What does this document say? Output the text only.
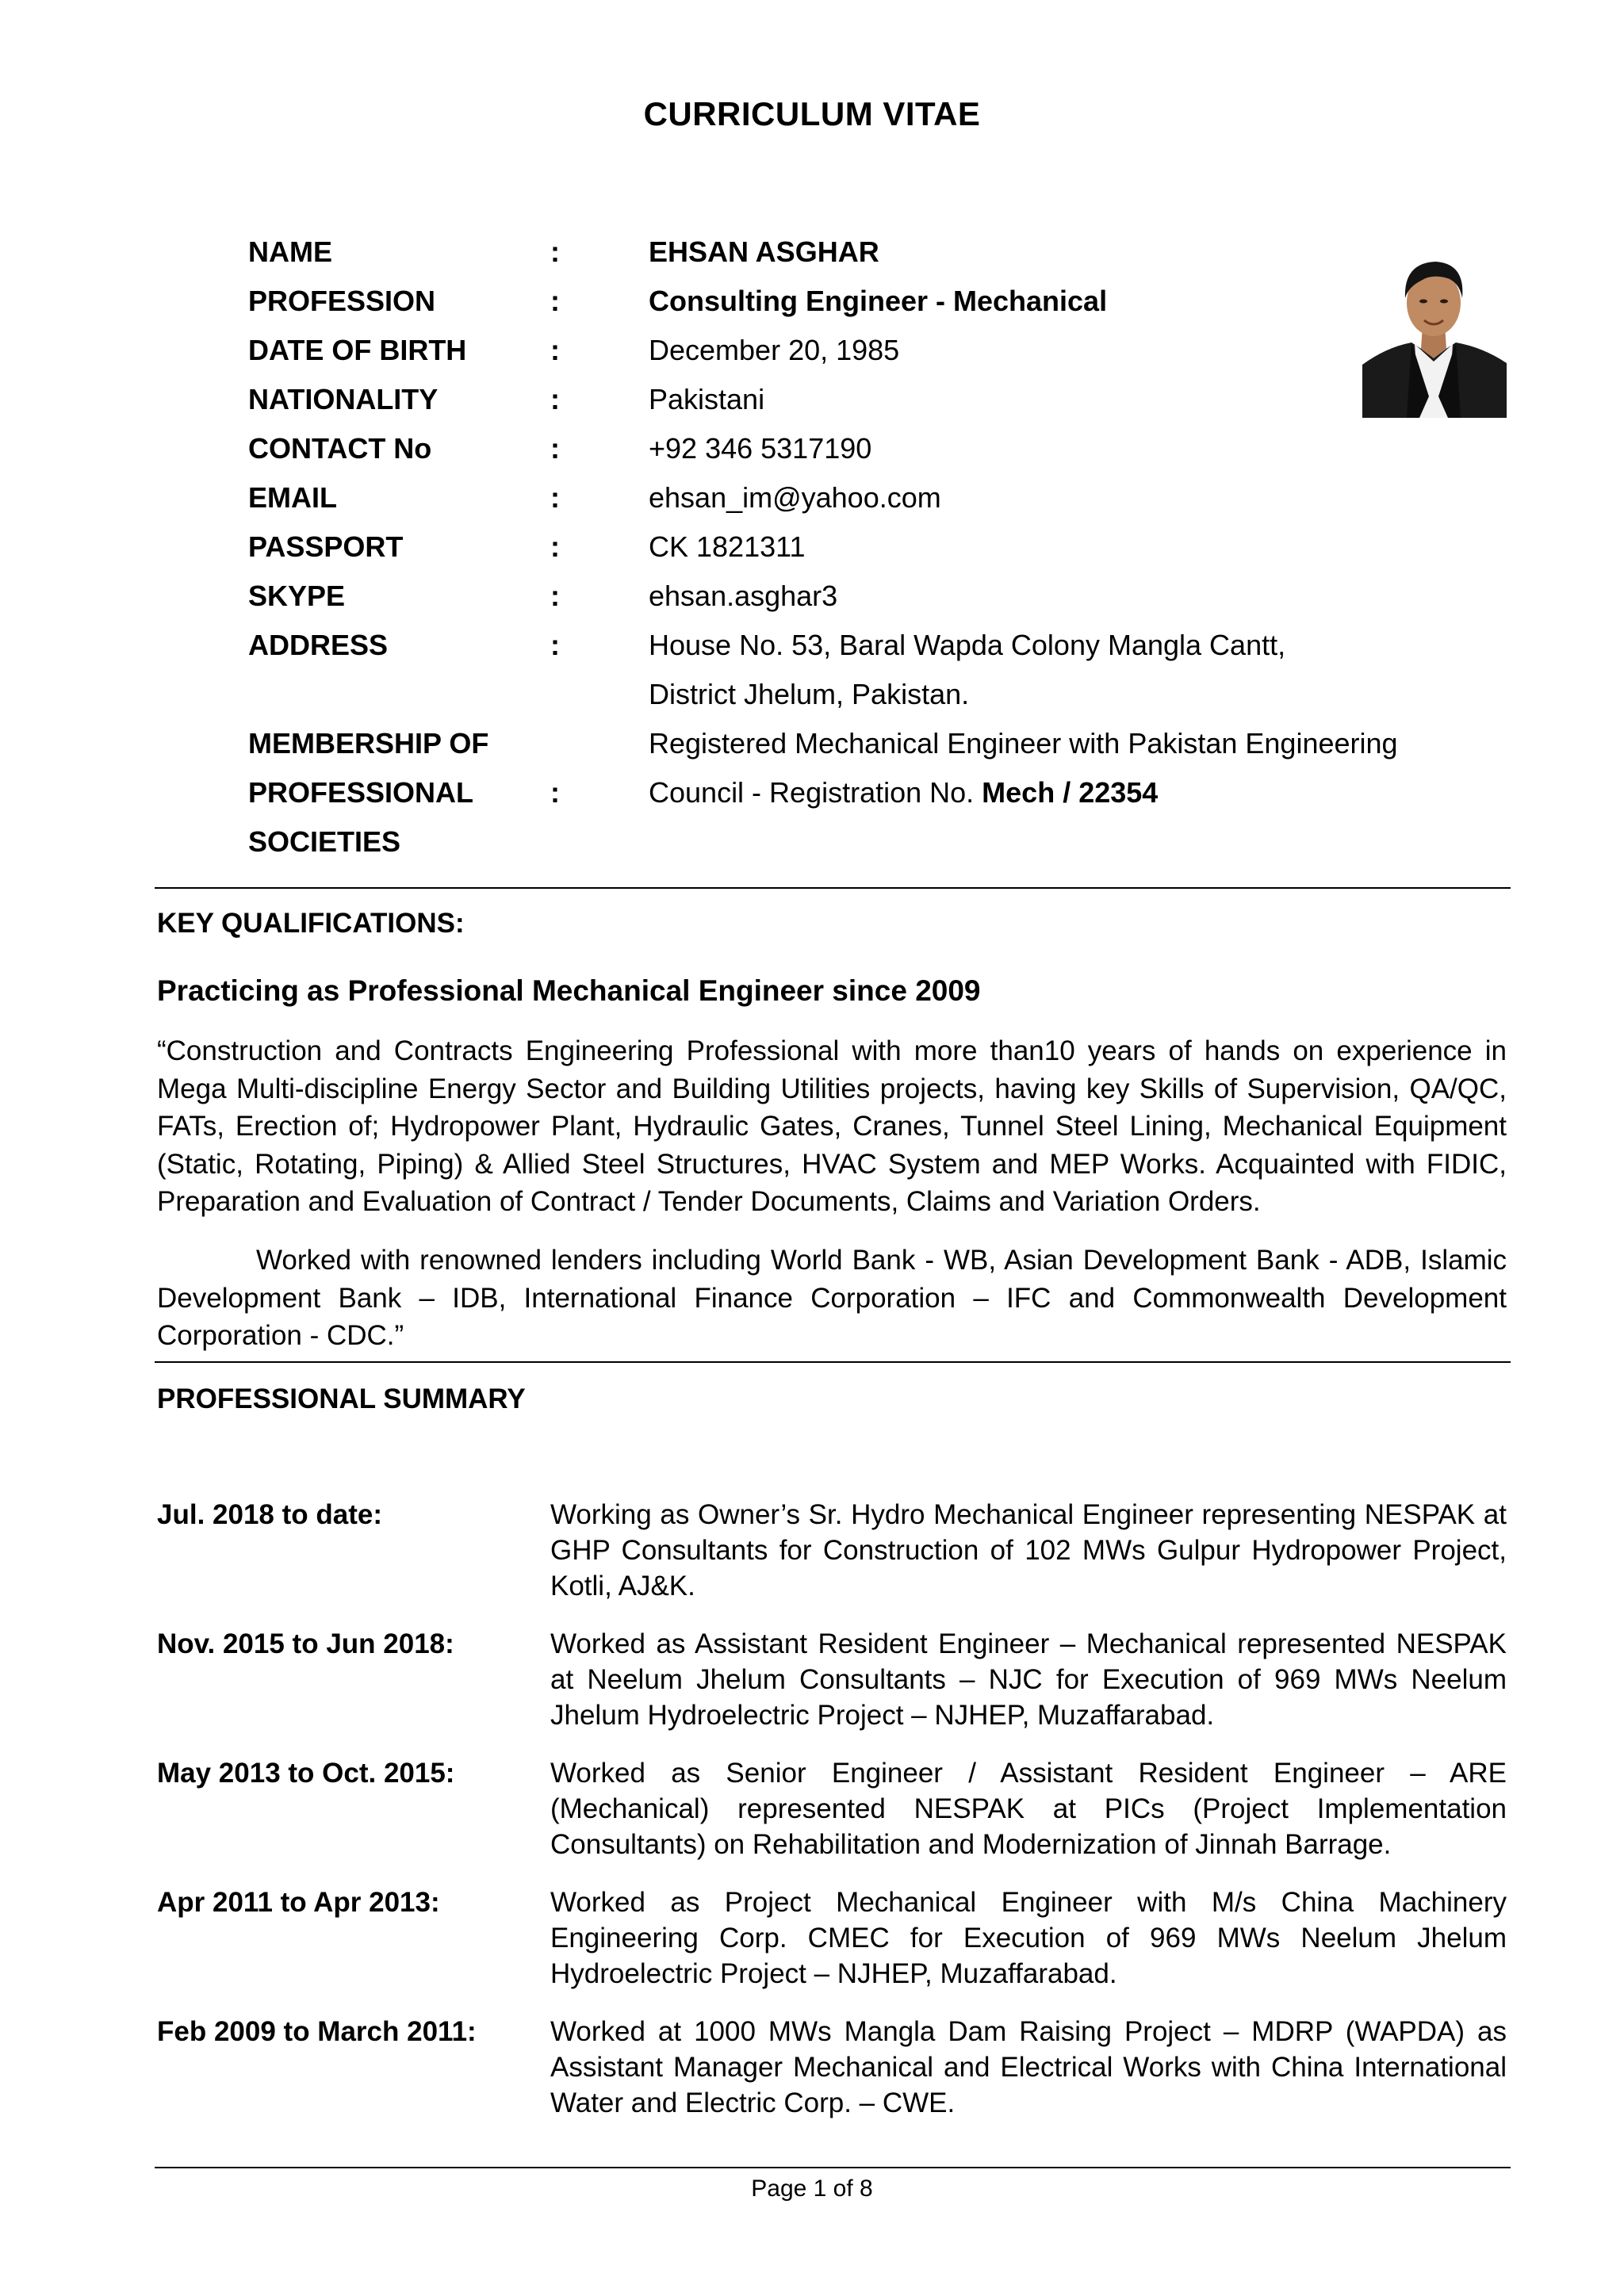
CURRICULUM VITAE
NAME	:	EHSAN ASGHAR
PROFESSION	:	Consulting Engineer - Mechanical
DATE OF BIRTH	:	December 20, 1985
NATIONALITY	:	Pakistani
CONTACT No	:	+92 346 5317190
EMAIL	:	ehsan_im@yahoo.com
PASSPORT	:	CK 1821311
SKYPE	:	ehsan.asghar3
ADDRESS	:	House No. 53, Baral Wapda Colony Mangla Cantt,
District Jhelum, Pakistan.
MEMBERSHIP OF	Registered Mechanical Engineer with Pakistan Engineering
PROFESSIONAL	:	Council - Registration No. Mech / 22354
SOCIETIES
KEY QUALIFICATIONS:
Practicing as Professional Mechanical Engineer since 2009

“Construction and Contracts Engineering Professional with more than10 years of hands on experience in Mega Multi-discipline Energy Sector and Building Utilities projects, having key Skills of Supervision, QA/QC, FATs, Erection of; Hydropower Plant, Hydraulic Gates, Cranes, Tunnel Steel Lining, Mechanical Equipment (Static, Rotating, Piping) & Allied Steel Structures, HVAC System and MEP Works. Acquainted with FIDIC, Preparation and Evaluation of Contract / Tender Documents, Claims and Variation Orders.

Worked with renowned lenders including World Bank - WB, Asian Development Bank - ADB, Islamic Development Bank – IDB, International Finance Corporation – IFC and Commonwealth Development Corporation - CDC.”

PROFESSIONAL SUMMARY
Jul. 2018 to date:	Working as Owner’s Sr. Hydro Mechanical Engineer representing NESPAK at GHP Consultants for Construction of 102 MWs Gulpur Hydropower Project, Kotli, AJ&K.

Nov. 2015 to Jun 2018:	Worked as Assistant Resident Engineer – Mechanical represented NESPAK at Neelum Jhelum Consultants – NJC for Execution of 969 MWs Neelum Jhelum Hydroelectric Project – NJHEP, Muzaffarabad.

May 2013 to Oct. 2015:	Worked as Senior Engineer / Assistant Resident Engineer – ARE (Mechanical) represented NESPAK at PICs (Project Implementation Consultants) on Rehabilitation and Modernization of Jinnah Barrage.

Apr 2011 to Apr 2013:	Worked as Project Mechanical Engineer with M/s China Machinery Engineering Corp. CMEC for Execution of 969 MWs Neelum Jhelum Hydroelectric Project – NJHEP, Muzaffarabad.

Feb 2009 to March 2011:	Worked at 1000 MWs Mangla Dam Raising Project – MDRP (WAPDA) as Assistant Manager Mechanical and Electrical Works with China International Water and Electric Corp. – CWE.

Page 1 of 8
